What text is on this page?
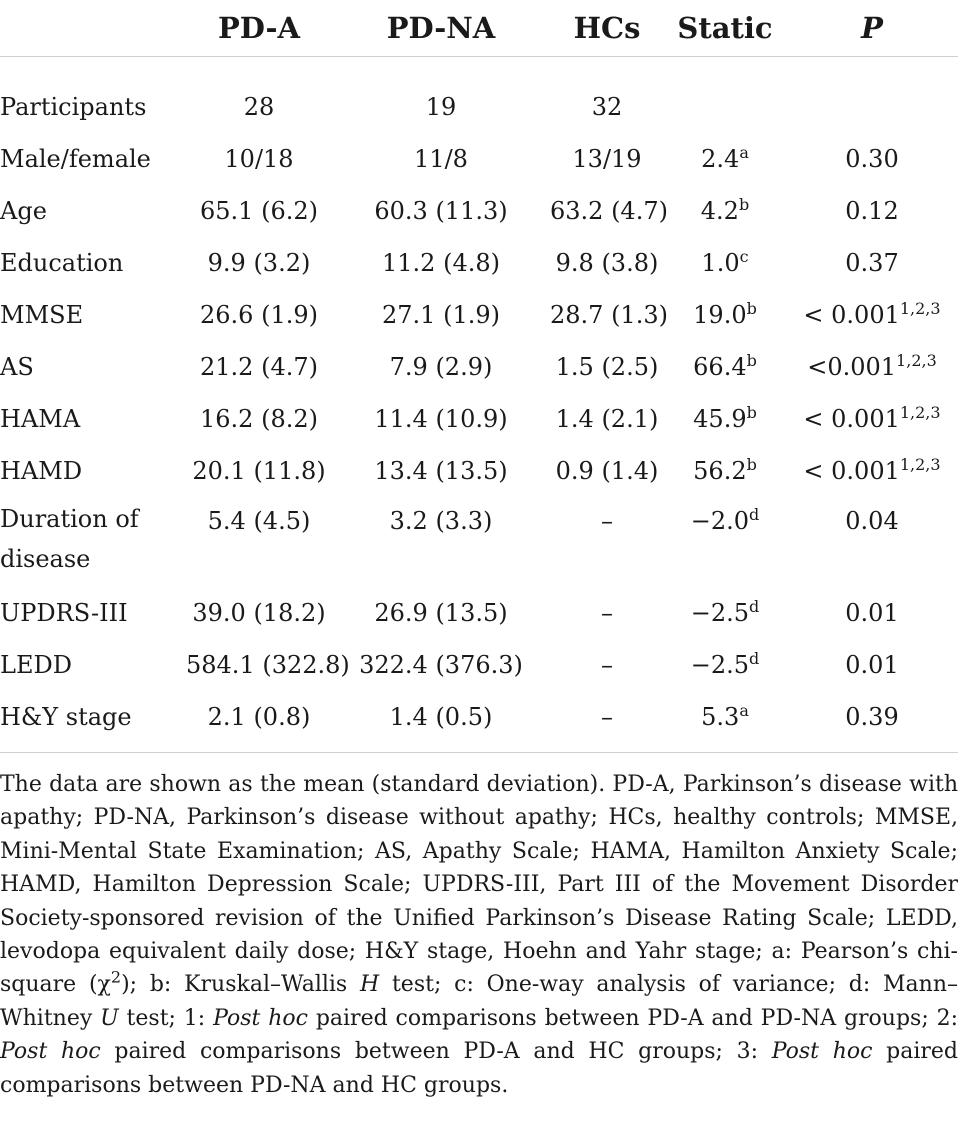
	PD-A	PD-NA	HCs	Static	P
Participants	28	19	32		
Male/female	10/18	11/8	13/19	2.4$^a$	0.30
Age	65.1 (6.2)	60.3 (11.3)	63.2 (4.7)	4.2$^b$	0.12
Education	9.9 (3.2)	11.2 (4.8)	9.8 (3.8)	1.0$^c$	0.37
MMSE	26.6 (1.9)	27.1 (1.9)	28.7 (1.3)	19.0$^b$	< $0.001^{1,2,3}$
AS	21.2 (4.7)	7.9 (2.9)	1.5 (2.5)	66.4$^b$	$<0.001^{1,2,3}$
HAMA	16.2 (8.2)	11.4 (10.9)	1.4 (2.1)	45.9$^b$	< $0.001^{1,2,3}$
HAMD	20.1 (11.8)	13.4 (13.5)	0.9 (1.4)	56.2$^b$	< $0.001^{1,2,3}$
Duration of disease	5.4 (4.5)	3.2 (3.3)	–	−2.0$^d$	0.04
UPDRS-III	39.0 (18.2)	26.9 (13.5)	–	−2.5$^d$	0.01
LEDD	584.1 (322.8)	322.4 (376.3)	–	−2.5$^d$	0.01
H&Y stage	2.1 (0.8)	1.4 (0.5)	–	5.3$^a$	0.39
The data are shown as the mean (standard deviation). PD-A, Parkinson’s disease with apathy; PD-NA, Parkinson’s disease without apathy; HCs, healthy controls; MMSE, Mini-Mental State Examination; AS, Apathy Scale; HAMA, Hamilton Anxiety Scale; HAMD, Hamilton Depression Scale; UPDRS-III, Part III of the Movement Disorder Society-sponsored revision of the Unified Parkinson’s Disease Rating Scale; LEDD, levodopa equivalent daily dose; H&Y stage, Hoehn and Yahr stage; a: Pearson’s chi-square $(\chi^2)$; b: Kruskal–Wallis H test; c: One-way analysis of variance; d: Mann–Whitney U test; 1: Post hoc paired comparisons between PD-A and PD-NA groups; 2: Post hoc paired comparisons between PD-A and HC groups; 3: Post hoc paired comparisons between PD-NA and HC groups.
